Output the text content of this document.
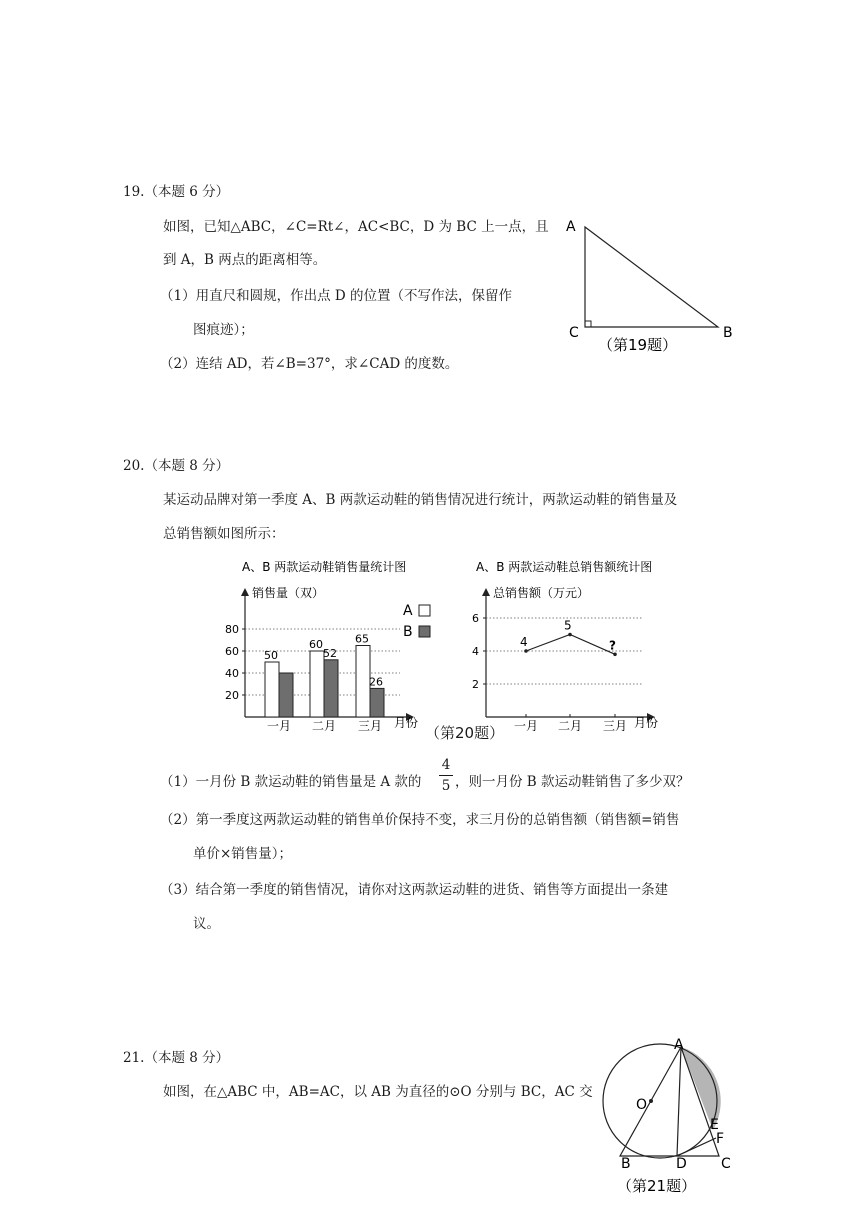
19.（本题 6 分）
如图，已知△ABC，∠C=Rt∠，AC<BC，D 为 BC 上一点，且
到 A，B 两点的距离相等。
（1）用直尺和圆规，作出点 D 的位置（不写作法，保留作
图痕迹）；
（2）连结 AD，若∠B=37°，求∠CAD 的度数。
A
C	B
（第19题）
20.（本题 8 分）
某运动品牌对第一季度 A、B 两款运动鞋的销售情况进行统计，两款运动鞋的销售量及
总销售额如图所示：
A、B 两款运动鞋销售量统计图
销售量（双）
月份
20
40
60
80
50
一月
60
52
二月
65
26
三月
A
B
A、B 两款运动鞋总销售额统计图
总销售额（万元）
月份
2
4
6
4
一月
5
二月
?
三月
（第20题）
（1）一月份 B 款运动鞋的销售量是 A 款的
4
5 ，则一月份 B 款运动鞋销售了多少双？
（2）第一季度这两款运动鞋的销售单价保持不变，求三月份的总销售额（销售额=销售
单价×销售量）；
（3）结合第一季度的销售情况，请你对这两款运动鞋的进货、销售等方面提出一条建
议。
21.（本题 8 分）
如图，在△ABC 中，AB=AC，以 AB 为直径的⊙O 分别与 BC，AC 交
A
O
E
F
B	D C
（第21题）
